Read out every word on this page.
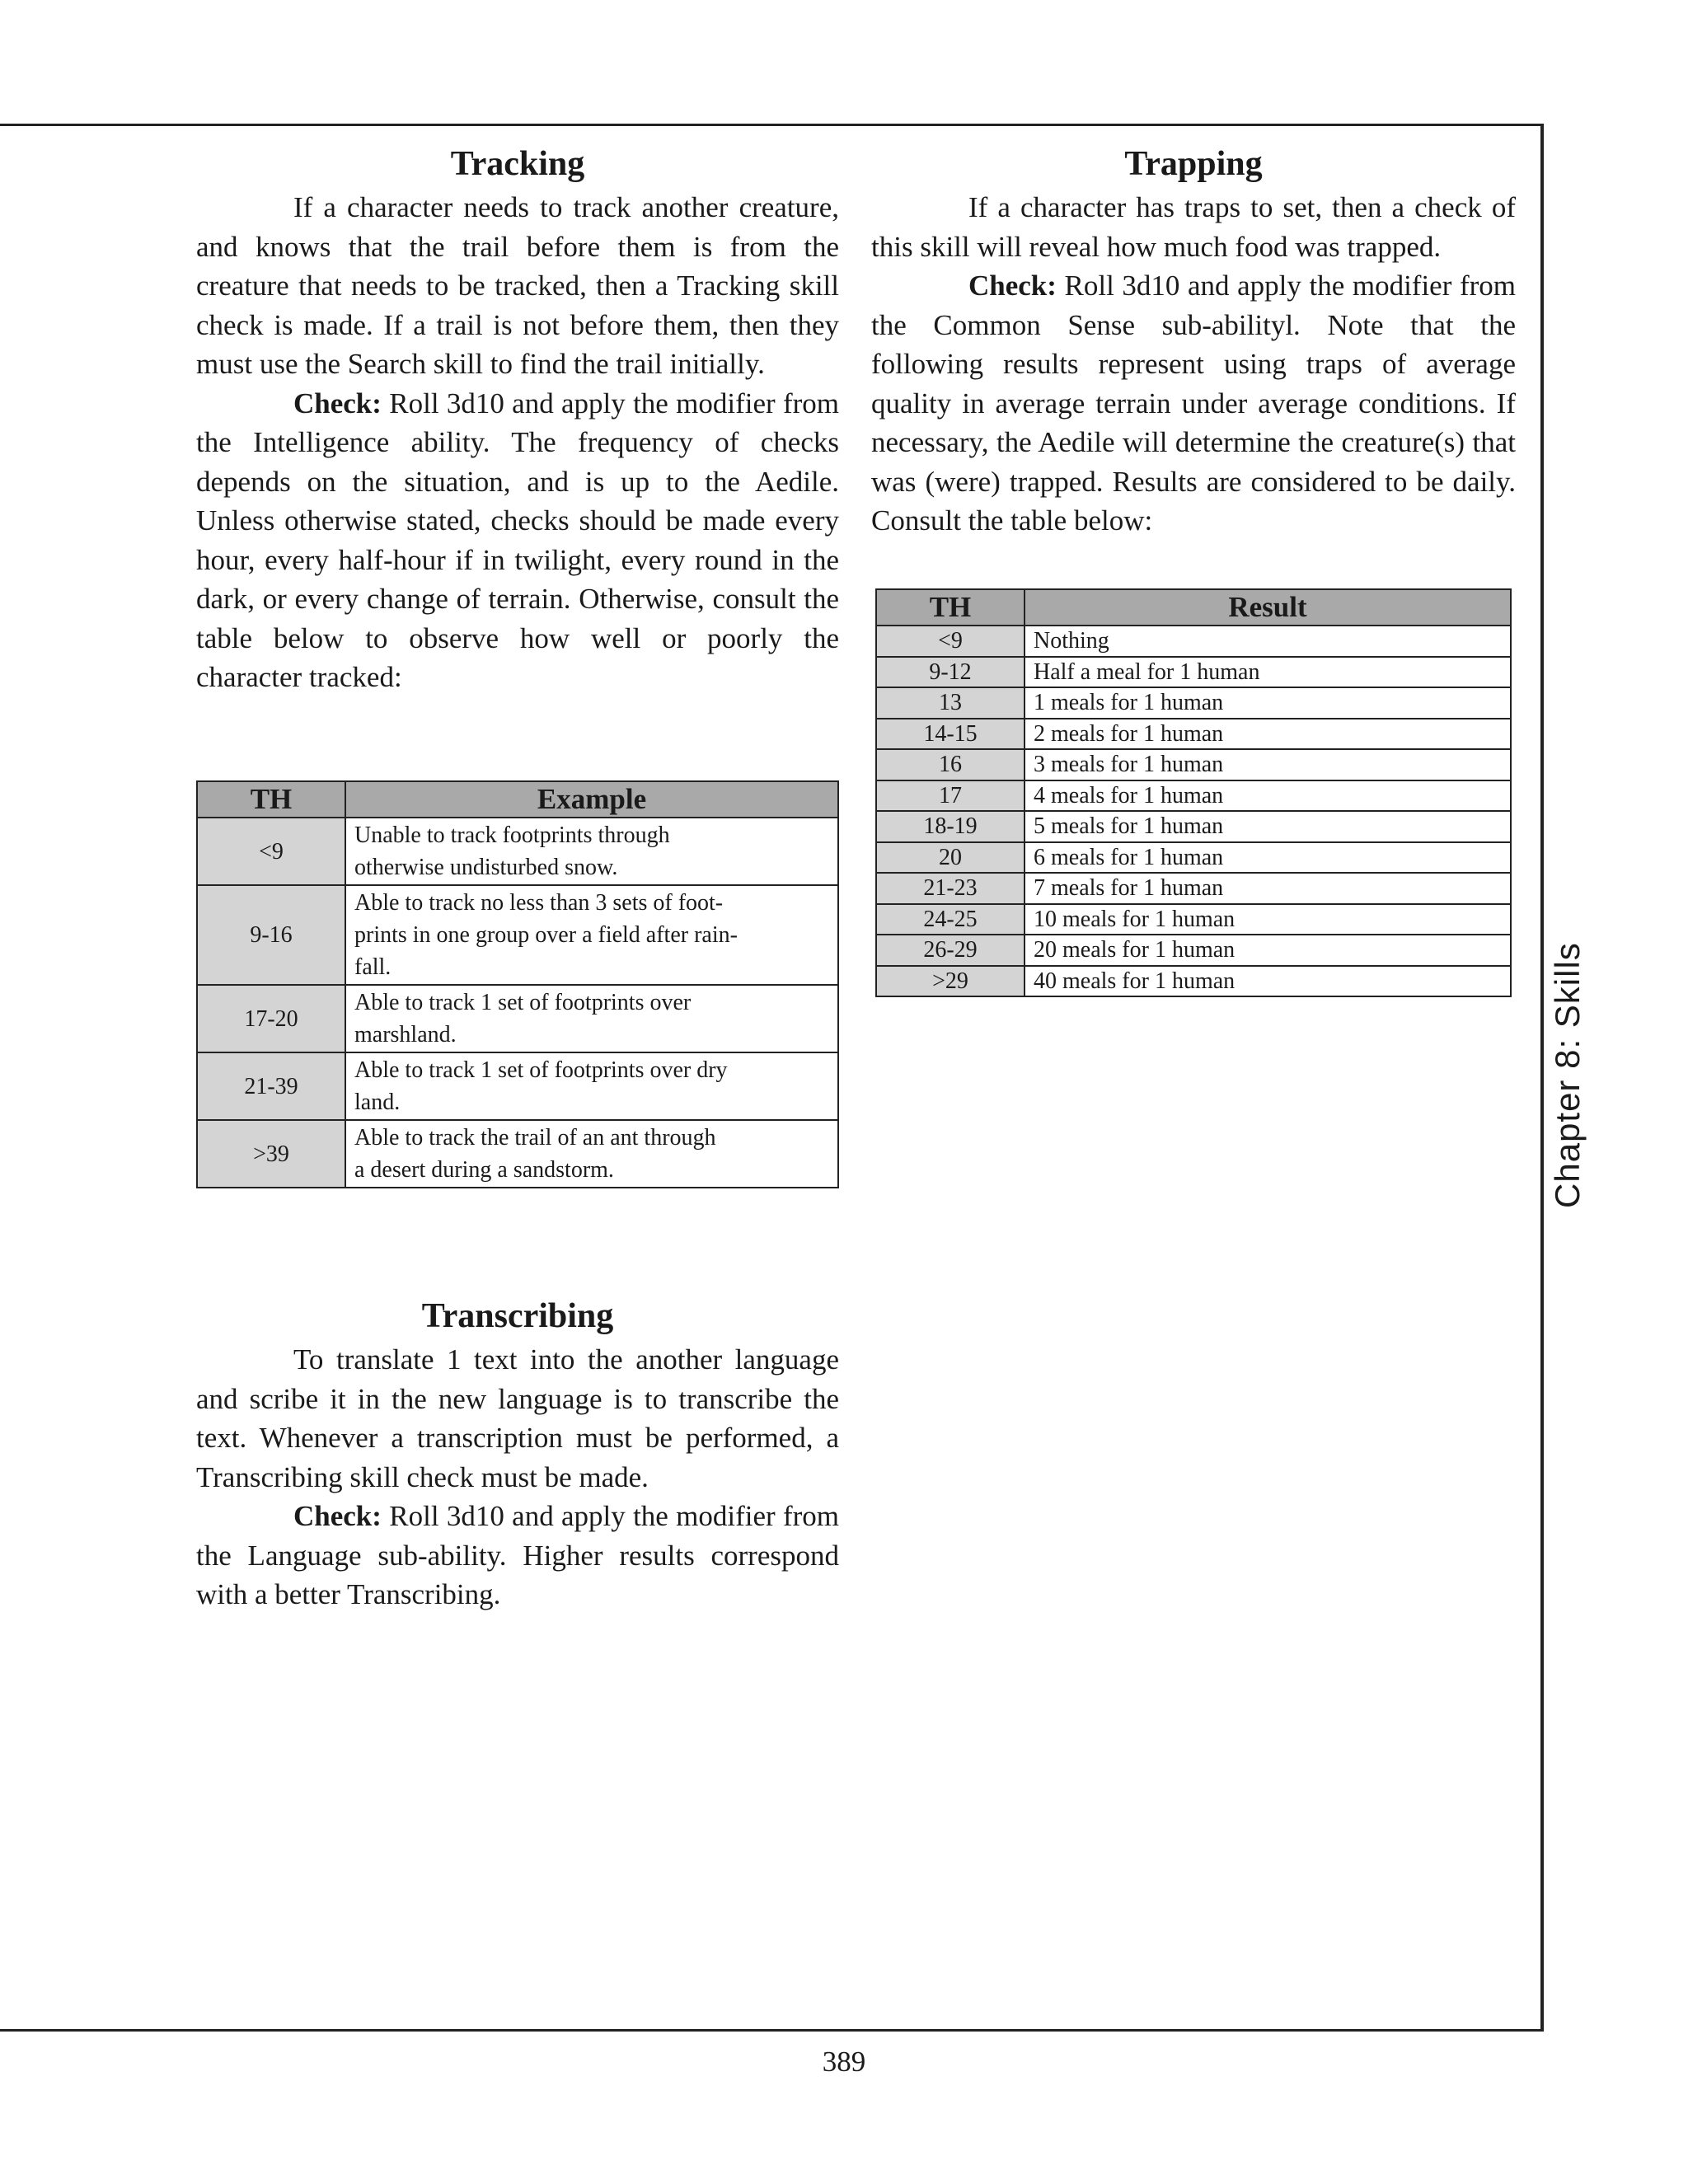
Tracking

If a character needs to track another creature, and knows that the trail before them is from the creature that needs to be tracked, then a Tracking skill check is made. If a trail is not before them, then they must use the Search skill to find the trail initially.

Check: Roll 3d10 and apply the modifier from the Intelligence ability. The frequency of checks depends on the situation, and is up to the Aedile. Unless otherwise stated, checks should be made every hour, every half-hour if in twilight, every round in the dark, or every change of terrain. Otherwise, consult the table below to observe how well or poorly the character tracked:

TH	Example
<9	Unable to track footprints through
otherwise undisturbed snow.

9-16	Able to track no less than 3 sets of foot-
prints in one group over a field after rain-
fall.

17-20	Able to track 1 set of footprints over
marshland.

21-39	Able to track 1 set of footprints over dry
land.

>39	Able to track the trail of an ant through
a desert during a sandstorm.
Trapping

If a character has traps to set, then a check of this skill will reveal how much food was trapped.

Check: Roll 3d10 and apply the modifier from the Common Sense sub-abilityl. Note that the following results represent using traps of average quality in average terrain under average conditions. If necessary, the Aedile will determine the creature(s) that was (were) trapped. Results are considered to be daily. Consult the table below:

TH	Result
<9	Nothing
9-12	Half a meal for 1 human
13	1 meals for 1 human
14-15	2 meals for 1 human
16	3 meals for 1 human
17	4 meals for 1 human
18-19	5 meals for 1 human
20	6 meals for 1 human
21-23	7 meals for 1 human
24-25	10 meals for 1 human
26-29	20 meals for 1 human
>29	40 meals for 1 human
Transcribing

To translate 1 text into the another language and scribe it in the new language is to transcribe the text. Whenever a transcription must be performed, a Transcribing skill check must be made.

Check: Roll 3d10 and apply the modifier from the Language sub-ability. Higher results correspond with a better Transcribing.

Chapter 8: Skills
389
